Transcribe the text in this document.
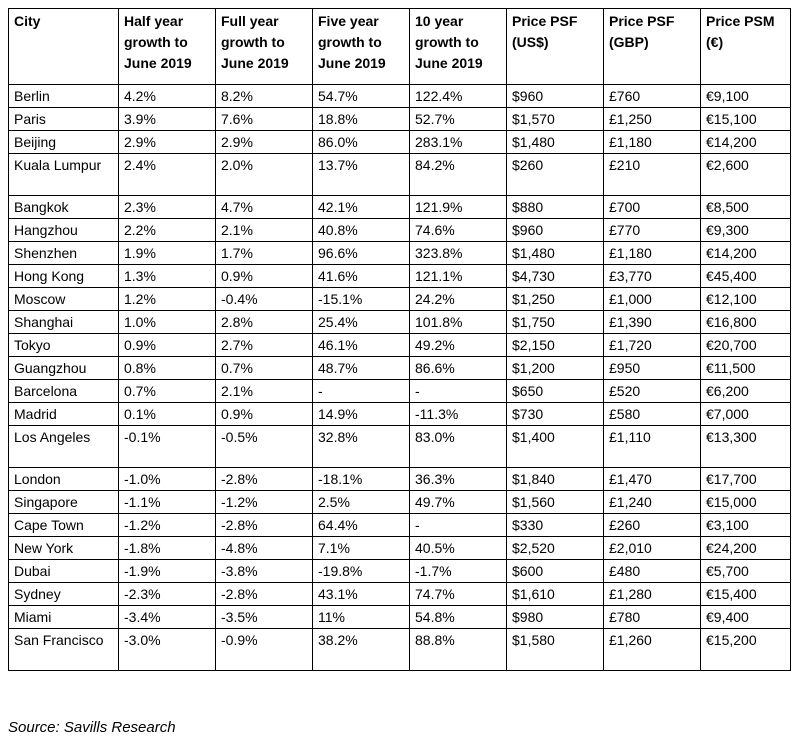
City	Half year growth to June 2019	Full year growth to June 2019	Five year growth to June 2019	10 year growth to June 2019	Price PSF (US$)	Price PSF (GBP)	Price PSM (€)
Berlin	4.2%	8.2%	54.7%	122.4%	$960	£760	€9,100
Paris	3.9%	7.6%	18.8%	52.7%	$1,570	£1,250	€15,100
Beijing	2.9%	2.9%	86.0%	283.1%	$1,480	£1,180	€14,200
Kuala Lumpur	2.4%	2.0%	13.7%	84.2%	$260	£210	€2,600
Bangkok	2.3%	4.7%	42.1%	121.9%	$880	£700	€8,500
Hangzhou	2.2%	2.1%	40.8%	74.6%	$960	£770	€9,300
Shenzhen	1.9%	1.7%	96.6%	323.8%	$1,480	£1,180	€14,200
Hong Kong	1.3%	0.9%	41.6%	121.1%	$4,730	£3,770	€45,400
Moscow	1.2%	-0.4%	-15.1%	24.2%	$1,250	£1,000	€12,100
Shanghai	1.0%	2.8%	25.4%	101.8%	$1,750	£1,390	€16,800
Tokyo	0.9%	2.7%	46.1%	49.2%	$2,150	£1,720	€20,700
Guangzhou	0.8%	0.7%	48.7%	86.6%	$1,200	£950	€11,500
Barcelona	0.7%	2.1%	-	-	$650	£520	€6,200
Madrid	0.1%	0.9%	14.9%	-11.3%	$730	£580	€7,000
Los Angeles	-0.1%	-0.5%	32.8%	83.0%	$1,400	£1,110	€13,300
London	-1.0%	-2.8%	-18.1%	36.3%	$1,840	£1,470	€17,700
Singapore	-1.1%	-1.2%	2.5%	49.7%	$1,560	£1,240	€15,000
Cape Town	-1.2%	-2.8%	64.4%	-	$330	£260	€3,100
New York	-1.8%	-4.8%	7.1%	40.5%	$2,520	£2,010	€24,200
Dubai	-1.9%	-3.8%	-19.8%	-1.7%	$600	£480	€5,700
Sydney	-2.3%	-2.8%	43.1%	74.7%	$1,610	£1,280	€15,400
Miami	-3.4%	-3.5%	11%	54.8%	$980	£780	€9,400
San Francisco	-3.0%	-0.9%	38.2%	88.8%	$1,580	£1,260	€15,200
Source: Savills Research
